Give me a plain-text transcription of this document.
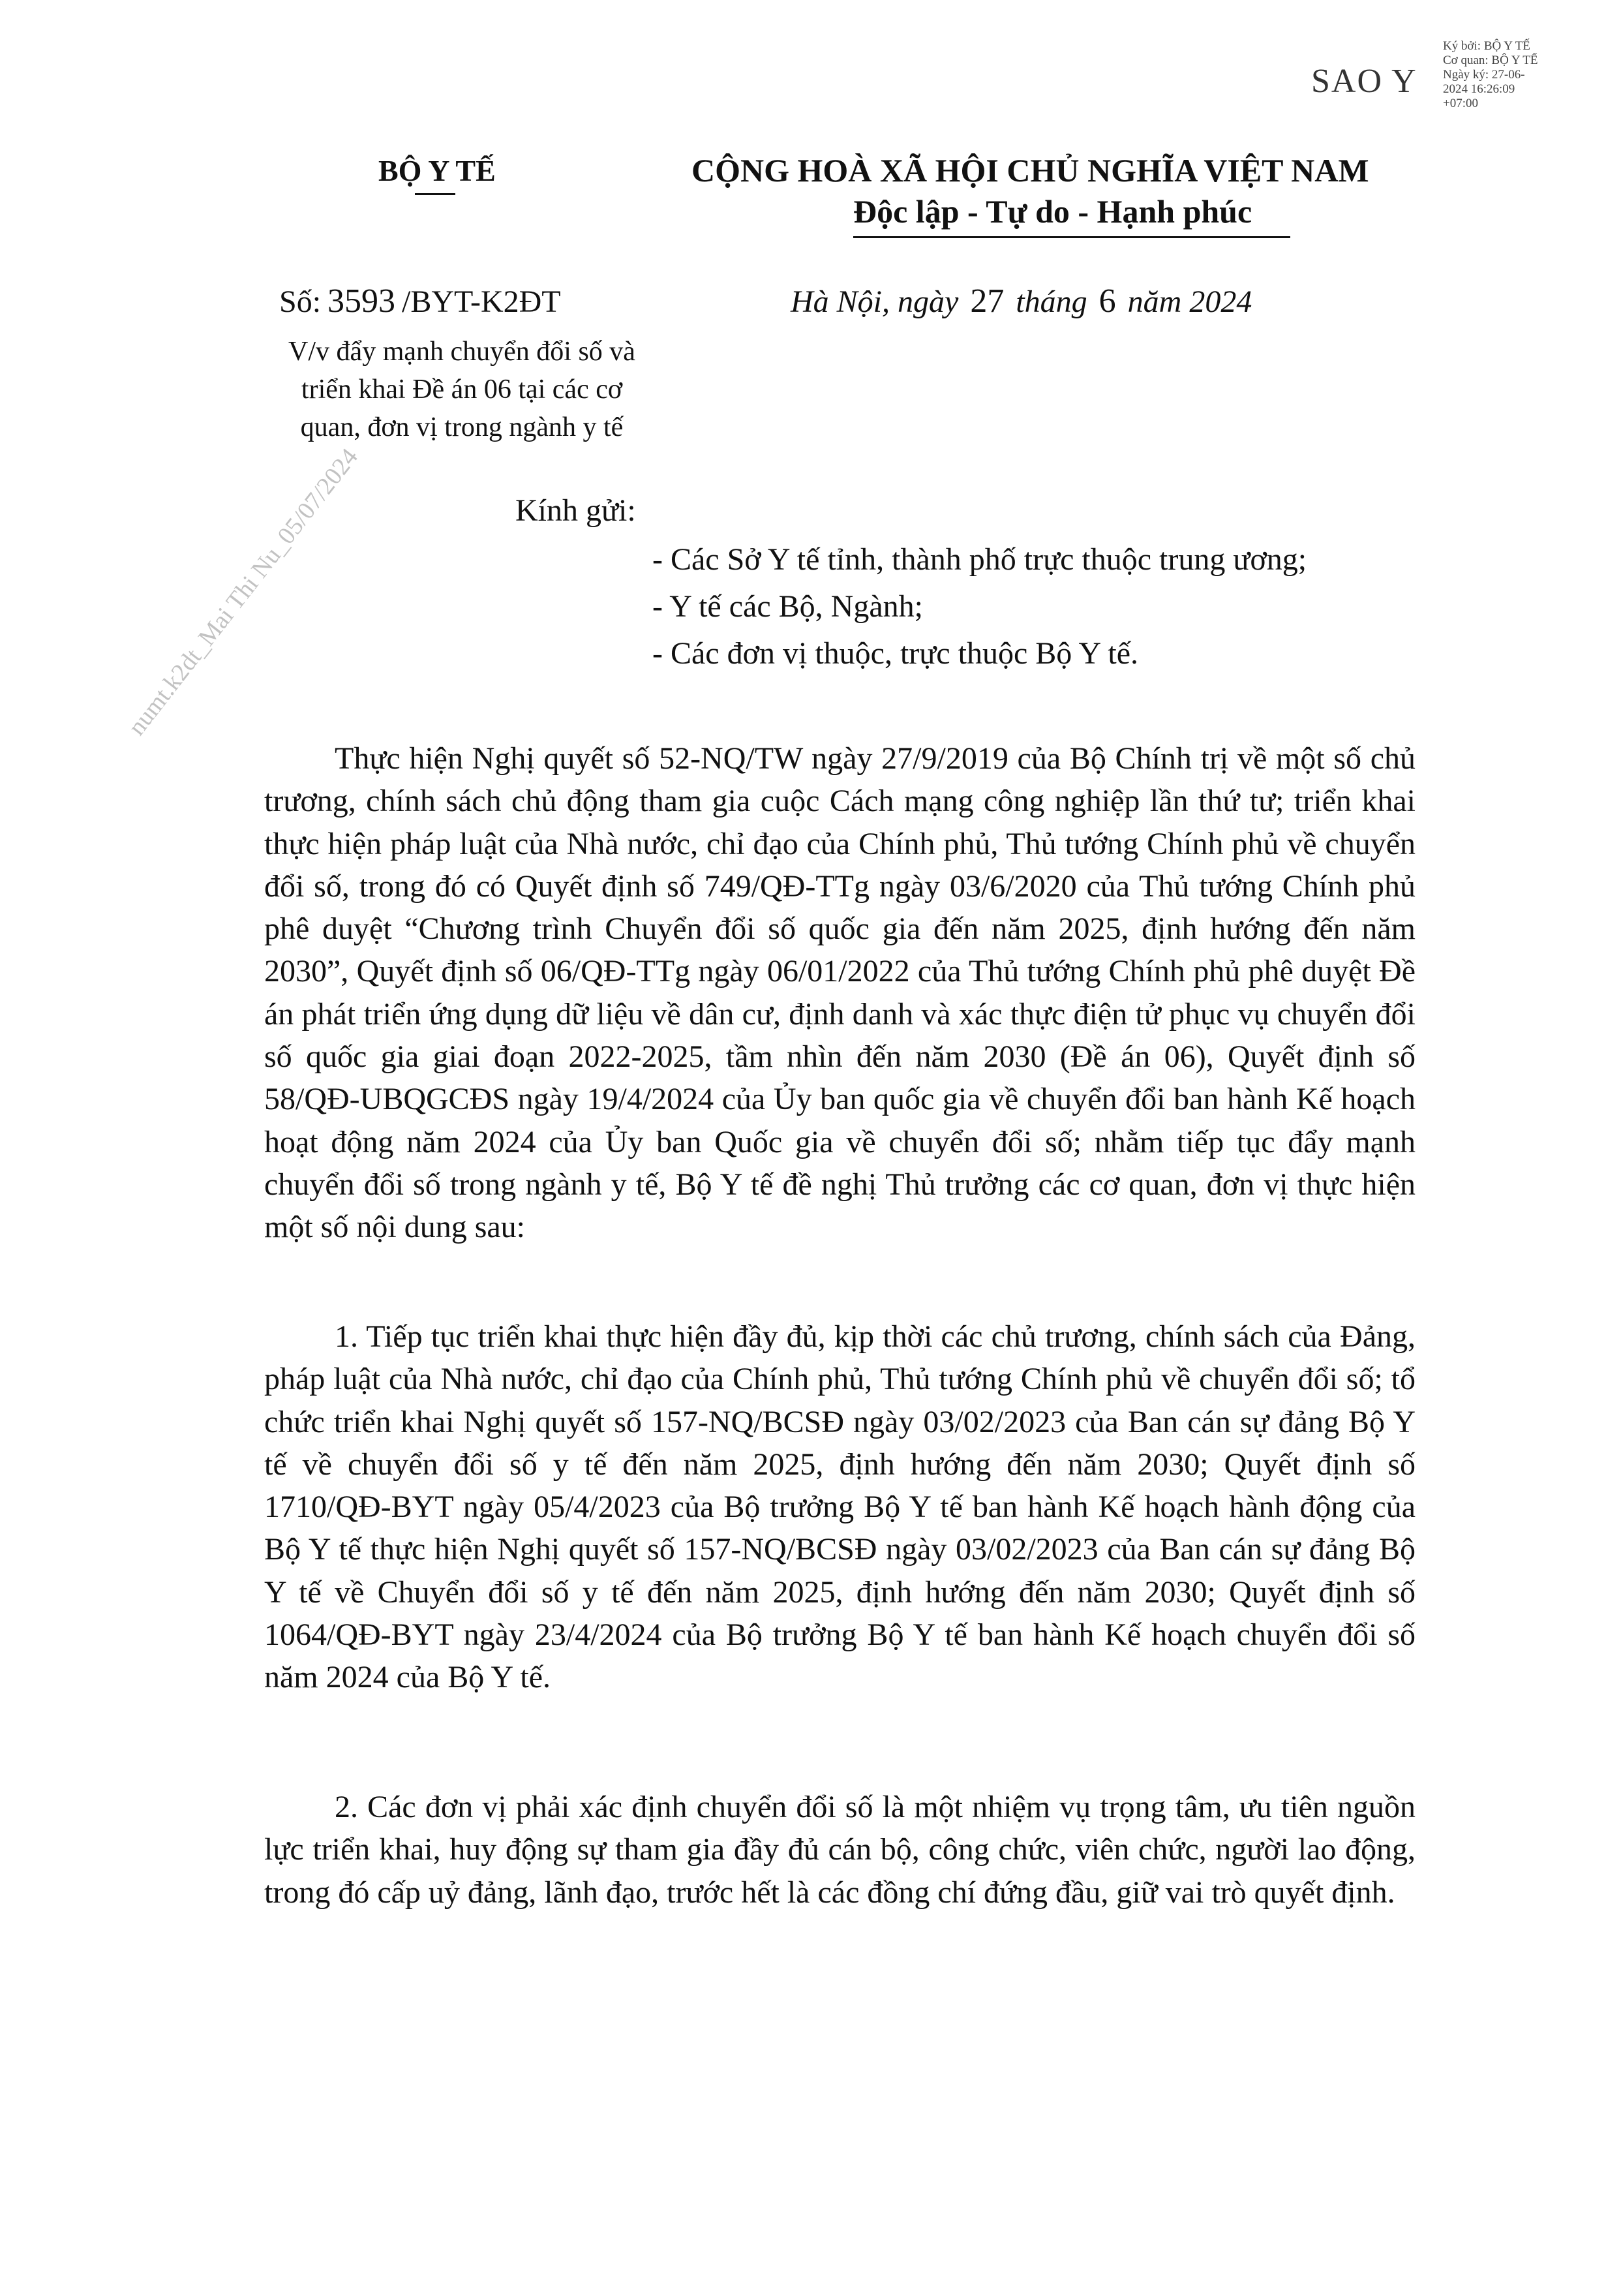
SAO Y
Ký bởi: BỘ Y TẾ
Cơ quan: BỘ Y TẾ
Ngày ký: 27-06-
2024 16:26:09
+07:00
BỘ Y TẾ	CỘNG HOÀ XÃ HỘI CHỦ NGHĨA VIỆT NAM
Độc lập - Tự do - Hạnh phúc
Số: 3593 /BYT-K2ĐT	Hà Nội, ngày 27 tháng 6 năm 2024
V/v đẩy mạnh chuyển đổi số và
triển khai Đề án 06 tại các cơ
quan, đơn vị trong ngành y tế
Kính gửi:
- Các Sở Y tế tỉnh, thành phố trực thuộc trung ương;
- Y tế các Bộ, Ngành;
- Các đơn vị thuộc, trực thuộc Bộ Y tế.
Thực hiện Nghị quyết số 52-NQ/TW ngày 27/9/2019 của Bộ Chính trị về một số chủ trương, chính sách chủ động tham gia cuộc Cách mạng công nghiệp lần thứ tư; triển khai thực hiện pháp luật của Nhà nước, chỉ đạo của Chính phủ, Thủ tướng Chính phủ về chuyển đổi số, trong đó có Quyết định số 749/QĐ-TTg ngày 03/6/2020 của Thủ tướng Chính phủ phê duyệt “Chương trình Chuyển đổi số quốc gia đến năm 2025, định hướng đến năm 2030”, Quyết định số 06/QĐ-TTg ngày 06/01/2022 của Thủ tướng Chính phủ phê duyệt Đề án phát triển ứng dụng dữ liệu về dân cư, định danh và xác thực điện tử phục vụ chuyển đổi số quốc gia giai đoạn 2022-2025, tầm nhìn đến năm 2030 (Đề án 06), Quyết định số 58/QĐ-UBQGCĐS ngày 19/4/2024 của Ủy ban quốc gia về chuyển đổi ban hành Kế hoạch hoạt động năm 2024 của Ủy ban Quốc gia về chuyển đổi số; nhằm tiếp tục đẩy mạnh chuyển đổi số trong ngành y tế, Bộ Y tế đề nghị Thủ trưởng các cơ quan, đơn vị thực hiện một số nội dung sau:
1. Tiếp tục triển khai thực hiện đầy đủ, kịp thời các chủ trương, chính sách của Đảng, pháp luật của Nhà nước, chỉ đạo của Chính phủ, Thủ tướng Chính phủ về chuyển đổi số; tổ chức triển khai Nghị quyết số 157-NQ/BCSĐ ngày 03/02/2023 của Ban cán sự đảng Bộ Y tế về chuyển đổi số y tế đến năm 2025, định hướng đến năm 2030; Quyết định số 1710/QĐ-BYT ngày 05/4/2023 của Bộ trưởng Bộ Y tế ban hành Kế hoạch hành động của Bộ Y tế thực hiện Nghị quyết số 157-NQ/BCSĐ ngày 03/02/2023 của Ban cán sự đảng Bộ Y tế về Chuyển đổi số y tế đến năm 2025, định hướng đến năm 2030; Quyết định số 1064/QĐ-BYT ngày 23/4/2024 của Bộ trưởng Bộ Y tế ban hành Kế hoạch chuyển đổi số năm 2024 của Bộ Y tế.
2. Các đơn vị phải xác định chuyển đổi số là một nhiệm vụ trọng tâm, ưu tiên nguồn lực triển khai, huy động sự tham gia đầy đủ cán bộ, công chức, viên chức, người lao động, trong đó cấp uỷ đảng, lãnh đạo, trước hết là các đồng chí đứng đầu, giữ vai trò quyết định.
numt.k2dt_Mai Thi Nu_05/07/2024
